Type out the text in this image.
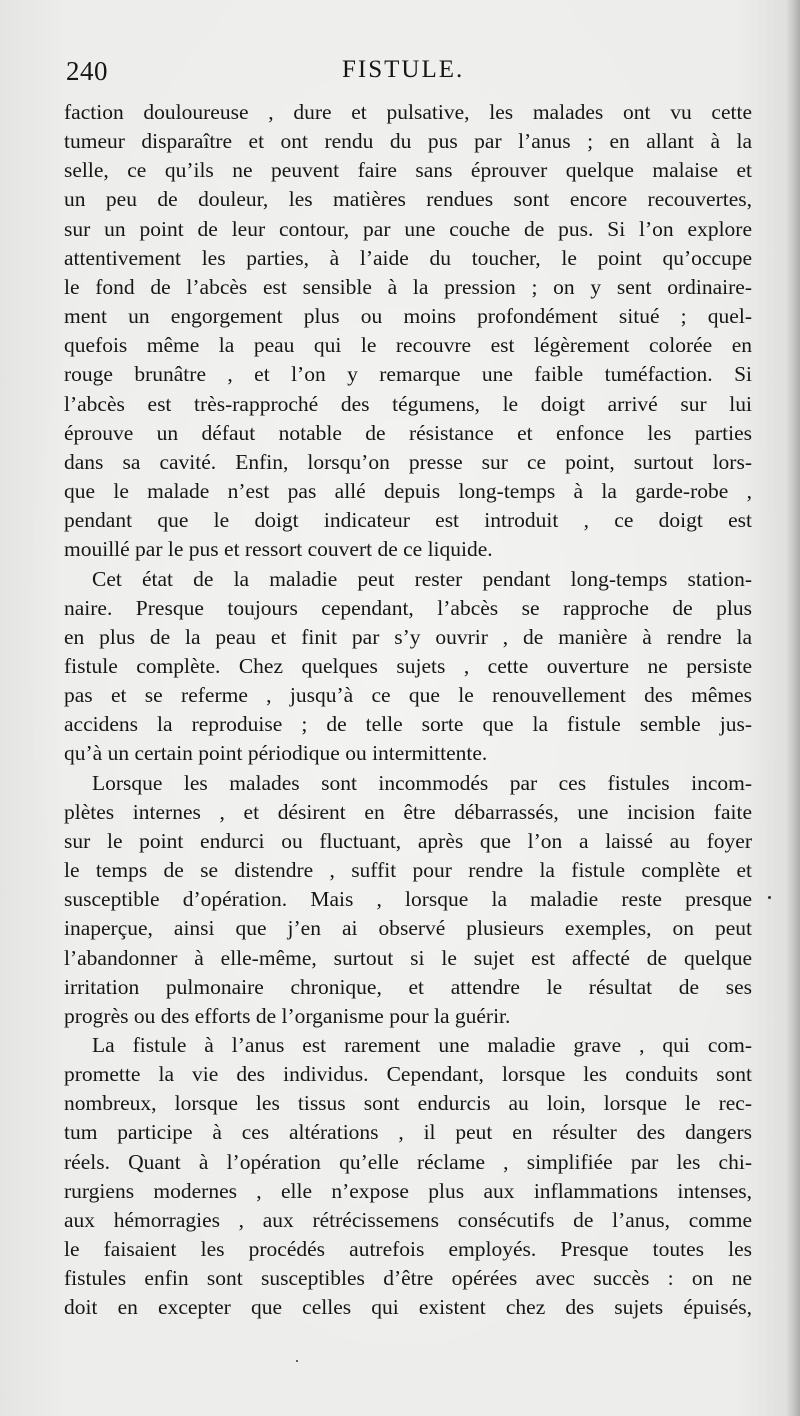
240	FISTULE.
faction douloureuse , dure et pulsative, les malades ont vu cette
tumeur disparaître et ont rendu du pus par l’anus ; en allant à la
selle, ce qu’ils ne peuvent faire sans éprouver quelque malaise et
un peu de douleur, les matières rendues sont encore recouvertes,
sur un point de leur contour, par une couche de pus. Si l’on explore
attentivement les parties, à l’aide du toucher, le point qu’occupe
le fond de l’abcès est sensible à la pression ; on y sent ordinaire-
ment un engorgement plus ou moins profondément situé ; quel-
quefois même la peau qui le recouvre est légèrement colorée en
rouge brunâtre , et l’on y remarque une faible tuméfaction. Si
l’abcès est très-rapproché des tégumens, le doigt arrivé sur lui
éprouve un défaut notable de résistance et enfonce les parties
dans sa cavité. Enfin, lorsqu’on presse sur ce point, surtout lors-
que le malade n’est pas allé depuis long-temps à la garde-robe ,
pendant que le doigt indicateur est introduit , ce doigt est
mouillé par le pus et ressort couvert de ce liquide.
Cet état de la maladie peut rester pendant long-temps station-
naire. Presque toujours cependant, l’abcès se rapproche de plus
en plus de la peau et finit par s’y ouvrir , de manière à rendre la
fistule complète. Chez quelques sujets , cette ouverture ne persiste
pas et se referme , jusqu’à ce que le renouvellement des mêmes
accidens la reproduise ; de telle sorte que la fistule semble jus-
qu’à un certain point périodique ou intermittente.
Lorsque les malades sont incommodés par ces fistules incom-
plètes internes , et désirent en être débarrassés, une incision faite
sur le point endurci ou fluctuant, après que l’on a laissé au foyer
le temps de se distendre , suffit pour rendre la fistule complète et
susceptible d’opération. Mais , lorsque la maladie reste presque
inaperçue, ainsi que j’en ai observé plusieurs exemples, on peut
l’abandonner à elle-même, surtout si le sujet est affecté de quelque
irritation pulmonaire chronique, et attendre le résultat de ses
progrès ou des efforts de l’organisme pour la guérir.
La fistule à l’anus est rarement une maladie grave , qui com-
promette la vie des individus. Cependant, lorsque les conduits sont
nombreux, lorsque les tissus sont endurcis au loin, lorsque le rec-
tum participe à ces altérations , il peut en résulter des dangers
réels. Quant à l’opération qu’elle réclame , simplifiée par les chi-
rurgiens modernes , elle n’expose plus aux inflammations intenses,
aux hémorragies , aux rétrécissemens consécutifs de l’anus, comme
le faisaient les procédés autrefois employés. Presque toutes les
fistules enfin sont susceptibles d’être opérées avec succès : on ne
doit en excepter que celles qui existent chez des sujets épuisés,
